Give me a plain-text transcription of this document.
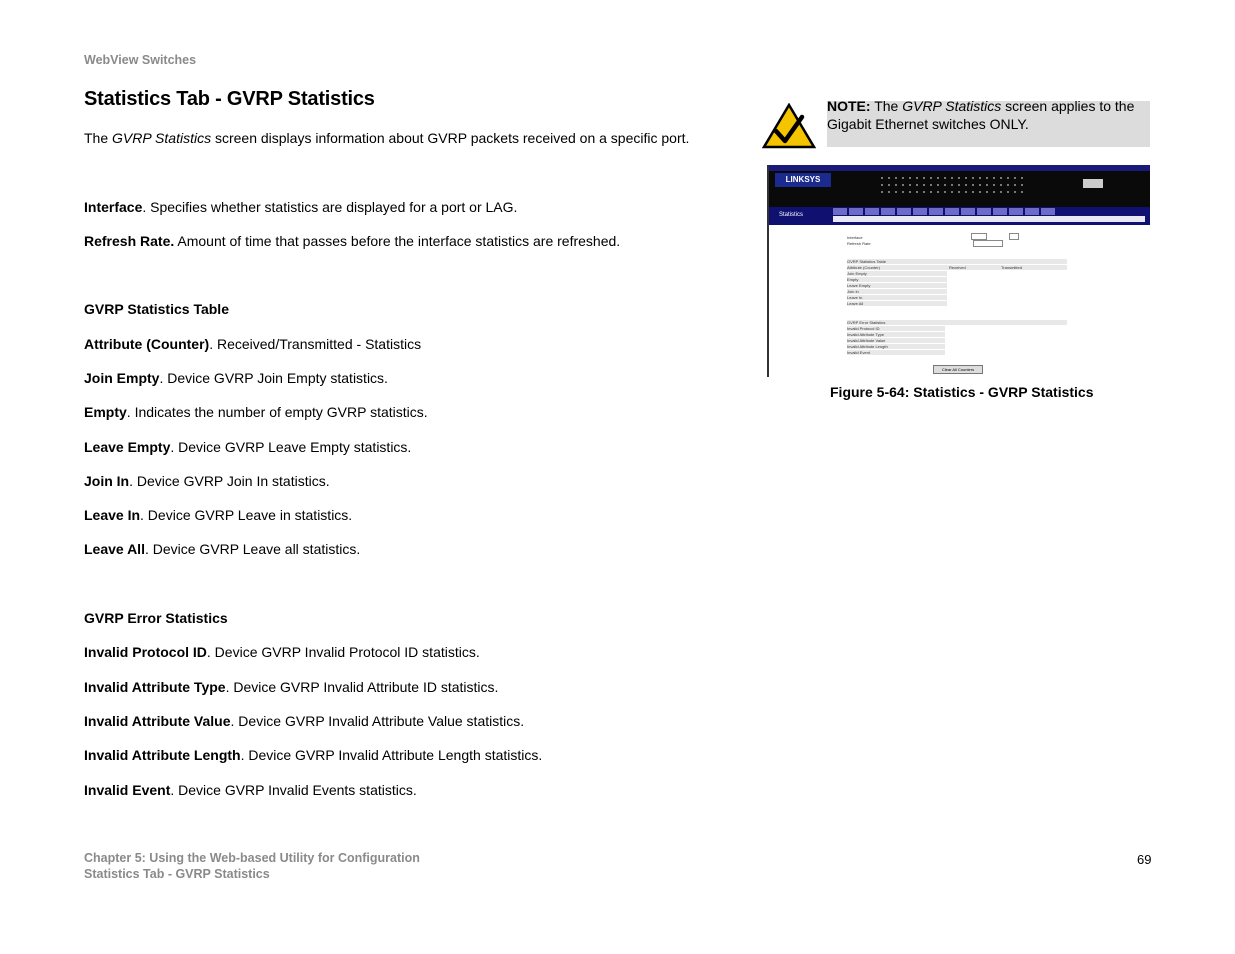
WebView Switches
Statistics Tab - GVRP Statistics
The GVRP Statistics screen displays information about GVRP packets received on a specific port.
Interface. Specifies whether statistics are displayed for a port or LAG.
Refresh Rate. Amount of time that passes before the interface statistics are refreshed.
GVRP Statistics Table
Attribute (Counter). Received/Transmitted - Statistics
Join Empty. Device GVRP Join Empty statistics.
Empty. Indicates the number of empty GVRP statistics.
Leave Empty. Device GVRP Leave Empty statistics.
Join In. Device GVRP Join In statistics.
Leave In. Device GVRP Leave in statistics.
Leave All. Device GVRP Leave all statistics.
GVRP Error Statistics
Invalid Protocol ID. Device GVRP Invalid Protocol ID statistics.
Invalid Attribute Type. Device GVRP Invalid Attribute ID statistics.
Invalid Attribute Value. Device GVRP Invalid Attribute Value statistics.
Invalid Attribute Length. Device GVRP Invalid Attribute Length statistics.
Invalid Event. Device GVRP Invalid Events statistics.
NOTE: The GVRP Statistics screen applies to the Gigabit Ethernet switches ONLY.
LINKSYS
Statistics
Interface
Refresh Rate
GVRP Statistics Table
Attribute (Counter)	Received	Transmitted
Join Empty
Empty
Leave Empty
Join In
Leave In
Leave All
GVRP Error Statistics
Invalid Protocol ID
Invalid Attribute Type
Invalid Attribute Value
Invalid Attribute Length
Invalid Event
Clear All Counters
Figure 5-64: Statistics - GVRP Statistics
Chapter 5: Using the Web-based Utility for Configuration
Statistics Tab - GVRP Statistics
69
